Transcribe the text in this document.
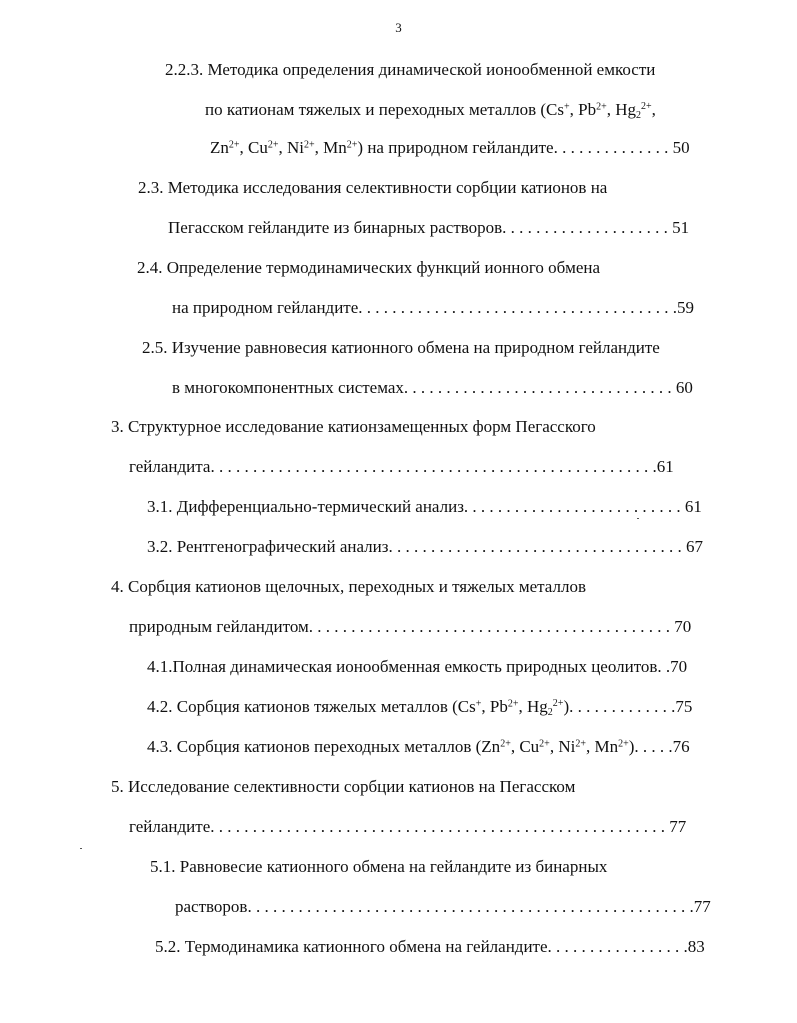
3
2.2.3. Методика определения динамической ионообменной емкости
по катионам тяжелых и переходных металлов (Cs+, $Pb^{2+}$, $Hg_{2^{2+}}$,
$Zn^{2+}$, $Cu^{2+}$, $Ni^{2+}$, $Mn^{2+}$) на природном гейландите. . . . . . . . . . . . . . 50
2.3. Методика исследования селективности сорбции катионов на
Пегасском гейландите из бинарных растворов. . . . . . . . . . . . . . . . . . . . 51
2.4. Определение термодинамических функций ионного обмена
на природном гейландите. . . . . . . . . . . . . . . . . . . . . . . . . . . . . . . . . . . . . .59
2.5. Изучение равновесия катионного обмена на природном гейландите
в многокомпонентных системах. . . . . . . . . . . . . . . . . . . . . . . . . . . . . . . . 60
3. Структурное исследование катионзамещенных форм Пегасского
гейландита. . . . . . . . . . . . . . . . . . . . . . . . . . . . . . . . . . . . . . . . . . . . . . . . . . . . .61
3.1. Дифференциально-термический анализ. . . . . . . . . . . . . . . . . . . . . . . . . . 61
3.2. Рентгенографический анализ. . . . . . . . . . . . . . . . . . . . . . . . . . . . . . . . . . . 67
4. Сорбция катионов щелочных, переходных и тяжелых металлов
природным гейландитом. . . . . . . . . . . . . . . . . . . . . . . . . . . . . . . . . . . . . . . . . . . 70
4.1.Полная динамическая ионообменная емкость природных цеолитов. .70
4.2. Сорбция катионов тяжелых металлов (Cs+, $Pb^{2+}$, $Hg_{2^{2+}}$). . . . . . . . . . . . .75
4.3. Сорбция катионов переходных металлов ($Zn^{2+}$, $Cu^{2+}$, $Ni^{2+}$, $Mn^{2+}$). . . . .76
5. Исследование селективности сорбции катионов на Пегасском
гейландите. . . . . . . . . . . . . . . . . . . . . . . . . . . . . . . . . . . . . . . . . . . . . . . . . . . . . . 77
5.1. Равновесие катионного обмена на гейландите из бинарных
растворов. . . . . . . . . . . . . . . . . . . . . . . . . . . . . . . . . . . . . . . . . . . . . . . . . . . . .77
5.2. Термодинамика катионного обмена на гейландите. . . . . . . . . . . . . . . . .83
